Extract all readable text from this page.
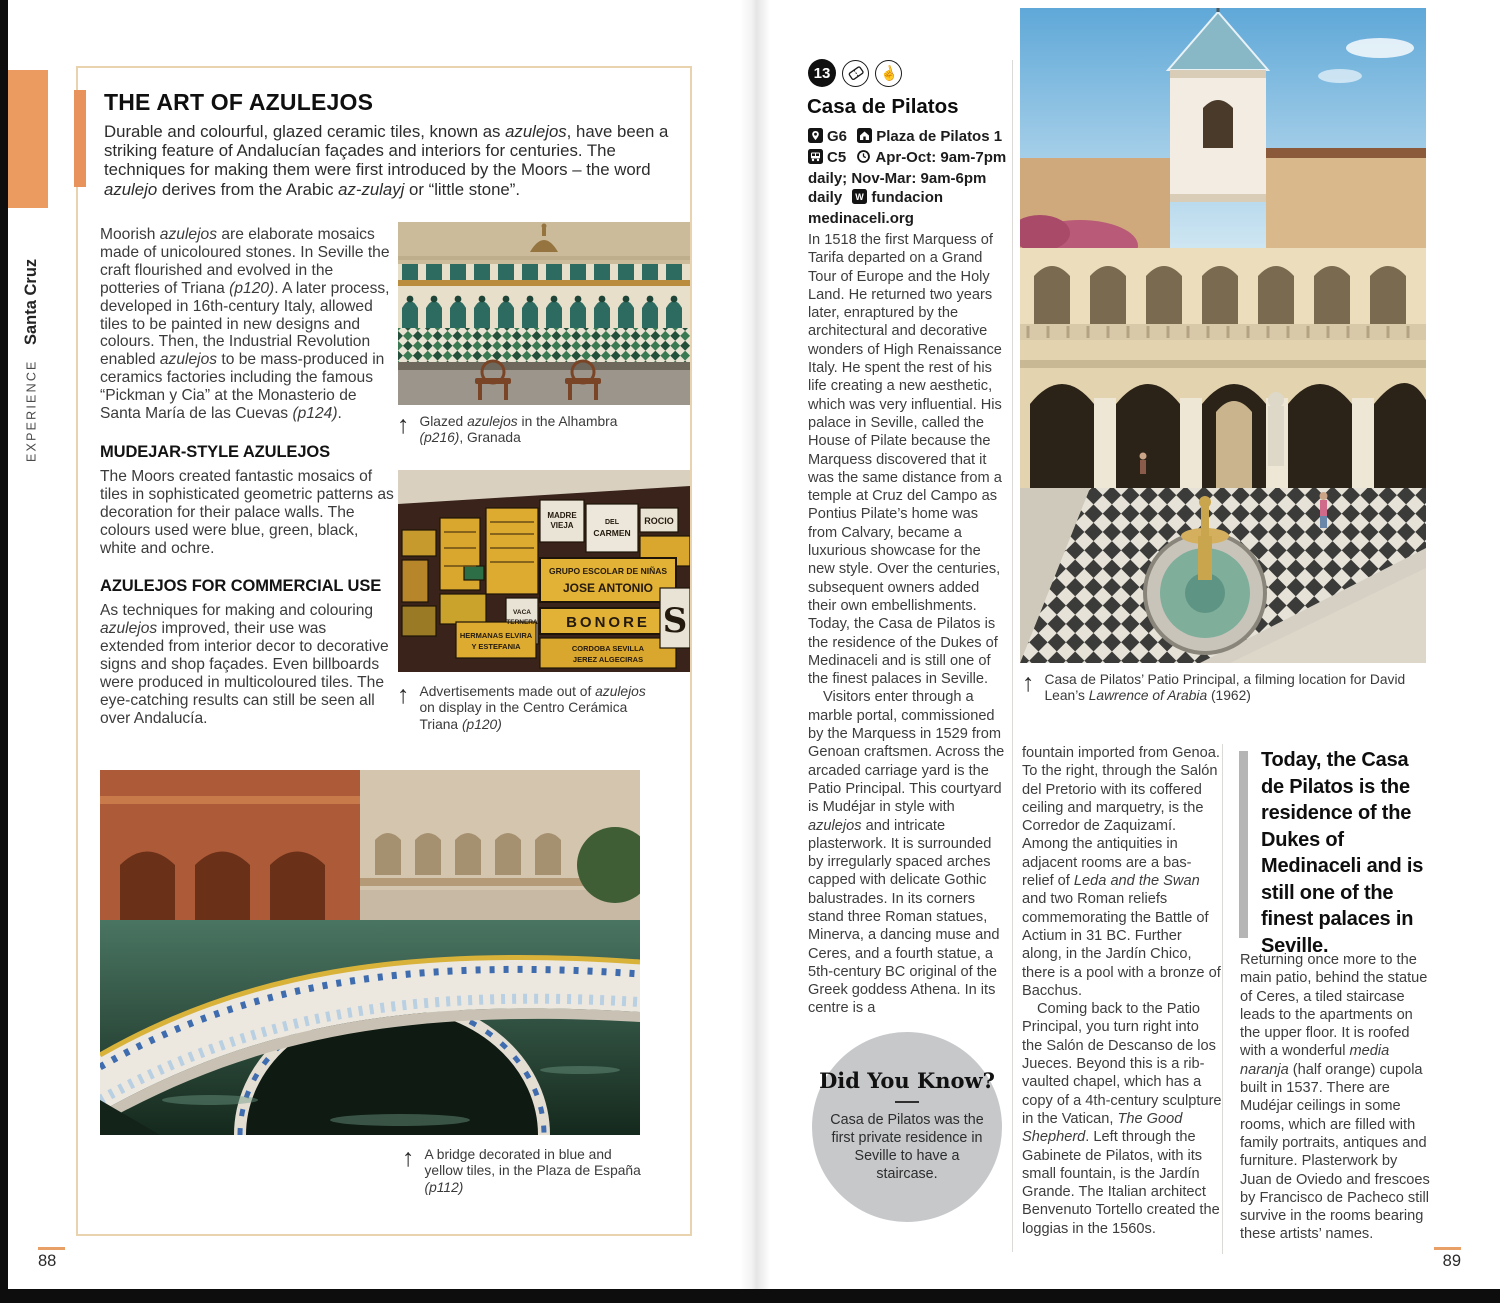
EXPERIENCE
Santa Cruz
THE ART OF AZULEJOS
Durable and colourful, glazed ceramic tiles, known as azulejos, have been a striking feature of Andalucían façades and interiors for centuries. The techniques for making them were first introduced by the Moors – the word azulejo derives from the Arabic az-zulayj or “little stone”.

Moorish azulejos are elaborate mosaics made of unicoloured stones. In Seville the craft flourished and evolved in the potteries of Triana (p120). A later process, developed in 16th-century Italy, allowed tiles to be painted in new designs and colours. Then, the Industrial Revolution enabled azulejos to be mass-produced in ceramics factories including the famous “Pickman y Cia” at the Monasterio de Santa María de las Cuevas (p124).

MUDEJAR-STYLE AZULEJOS

The Moors created fantastic mosaics of tiles in sophisticated geometric patterns as decoration for their palace walls. The colours used were blue, green, black, white and ochre.

AZULEJOS FOR COMMERCIAL USE

As techniques for making and colouring azulejos improved, their use was extended from interior decor to decorative signs and shop façades. Even billboards were produced in multicoloured tiles. The eye-catching results can still be seen all over Andalucía.

↑ Glazed azulejos in the Alhambra (p216), Granada
MADRE
VIEJA	DEL
CARMEN
ROCIO
GRUPO ESCOLAR DE NIÑAS
JOSE ANTONIO
BONORE
VACA
TERNERA
HERMANAS ELVIRA
Y ESTEFANIA	CORDOBA SEVILLA
JEREZ ALGECIRAS
S
↑ Advertisements made out of azulejos on display in the Centro Cerámica Triana (p120)
↑ A bridge decorated in blue and yellow tiles, in the Plaza de España (p112)
88
↑ Casa de Pilatos’ Patio Principal, a filming location for David Lean’s Lawrence of Arabia (1962)
13	☝
Casa de Pilatos
G6 Plaza de Pilatos 1
C5 Apr-Oct: 9am-7pm daily; Nov-Mar: 9am-6pm daily W fundacion medinaceli.org

In 1518 the first Marquess of Tarifa departed on a Grand Tour of Europe and the Holy Land. He returned two years later, enraptured by the architectural and decorative wonders of High Renaissance Italy. He spent the rest of his life creating a new aesthetic, which was very influential. His palace in Seville, called the House of Pilate because the Marquess discovered that it was the same distance from a temple at Cruz del Campo as Pontius Pilate’s home was from Calvary, became a luxurious showcase for the new style. Over the centuries, subsequent owners added their own embellishments. Today, the Casa de Pilatos is the residence of the Dukes of Medinaceli and is still one of the finest palaces in Seville.

Visitors enter through a marble portal, commissioned by the Marquess in 1529 from Genoan craftsmen. Across the arcaded carriage yard is the Patio Principal. This courtyard is Mudéjar in style with azulejos and intricate plasterwork. It is surrounded by irregularly spaced arches capped with delicate Gothic balustrades. In its corners stand three Roman statues, Minerva, a dancing muse and Ceres, and a fourth statue, a 5th-century BC original of the Greek goddess Athena. In its centre is a

fountain imported from Genoa. To the right, through the Salón del Pretorio with its coffered ceiling and marquetry, is the Corredor de Zaquizamí. Among the antiquities in adjacent rooms are a bas-relief of Leda and the Swan and two Roman reliefs commemorating the Battle of Actium in 31 BC. Further along, in the Jardín Chico, there is a pool with a bronze of Bacchus.

Coming back to the Patio Principal, you turn right into the Salón de Descanso de los Jueces. Beyond this is a rib-vaulted chapel, which has a copy of a 4th-century sculpture in the Vatican, The Good Shepherd. Left through the Gabinete de Pilatos, with its small fountain, is the Jardín Grande. The Italian architect Benvenuto Tortello created the loggias in the 1560s.

Today, the Casa de Pilatos is the residence of the Dukes of Medinaceli and is still one of the finest palaces in Seville.

Returning once more to the main patio, behind the statue of Ceres, a tiled staircase leads to the apartments on the upper floor. It is roofed with a wonderful media naranja (half orange) cupola built in 1537. There are Mudéjar ceilings in some rooms, which are filled with family portraits, antiques and furniture. Plasterwork by Juan de Oviedo and frescoes by Francisco de Pacheco still survive in the rooms bearing these artists’ names.

Did You Know?
Casa de Pilatos was the first private residence in Seville to have a staircase.
89
